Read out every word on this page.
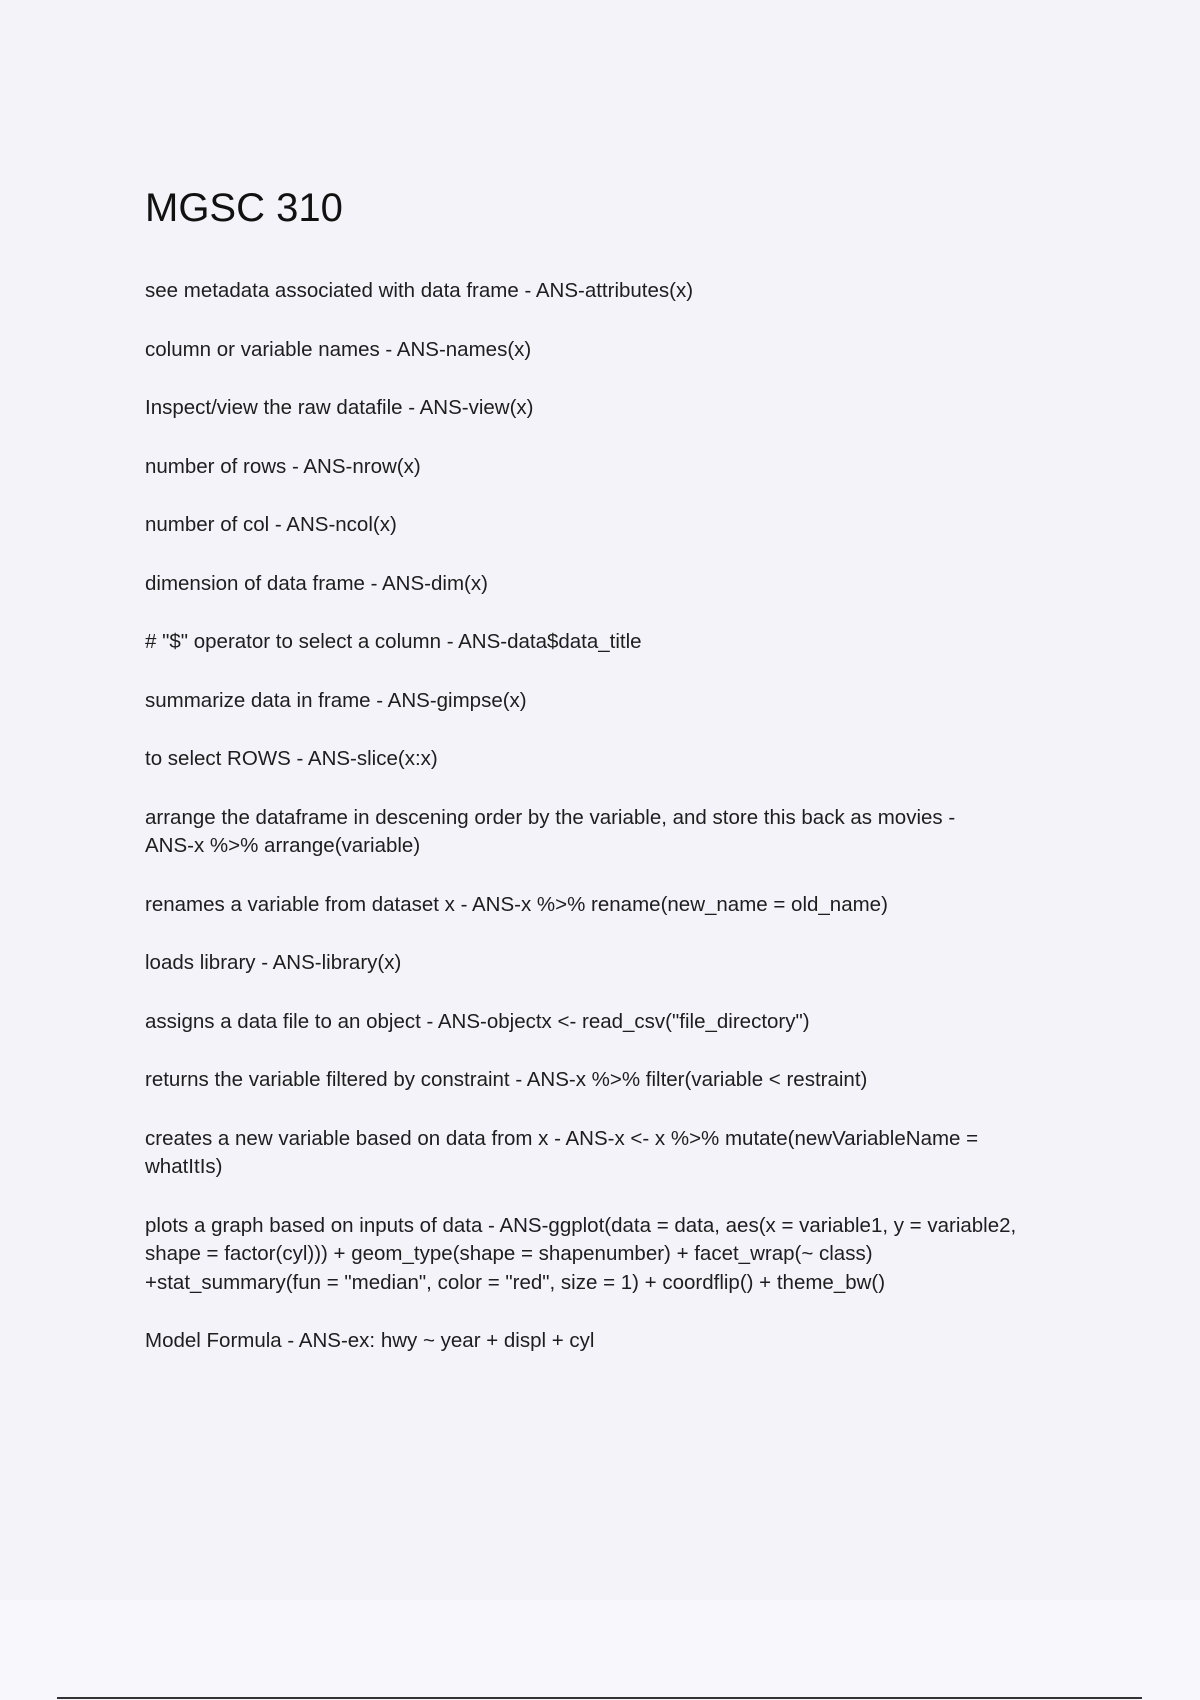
MGSC 310

see metadata associated with data frame - ANS-attributes(x)

column or variable names - ANS-names(x)

Inspect/view the raw datafile - ANS-view(x)

number of rows - ANS-nrow(x)

number of col - ANS-ncol(x)

dimension of data frame - ANS-dim(x)

# "$" operator to select a column - ANS-data$data_title

summarize data in frame - ANS-gimpse(x)

to select ROWS - ANS-slice(x:x)

arrange the dataframe in descening order by the variable, and store this back as movies -
ANS-x %>% arrange(variable)

renames a variable from dataset x - ANS-x %>% rename(new_name = old_name)

loads library - ANS-library(x)

assigns a data file to an object - ANS-objectx <- read_csv("file_directory")

returns the variable filtered by constraint - ANS-x %>% filter(variable < restraint)

creates a new variable based on data from x - ANS-x <- x %>% mutate(newVariableName =
whatItIs)

plots a graph based on inputs of data - ANS-ggplot(data = data, aes(x = variable1, y = variable2,
shape = factor(cyl))) + geom_type(shape = shapenumber) + facet_wrap(~ class)
+stat_summary(fun = "median", color = "red", size = 1) + coordflip() + theme_bw()

Model Formula - ANS-ex: hwy ~ year + displ + cyl
